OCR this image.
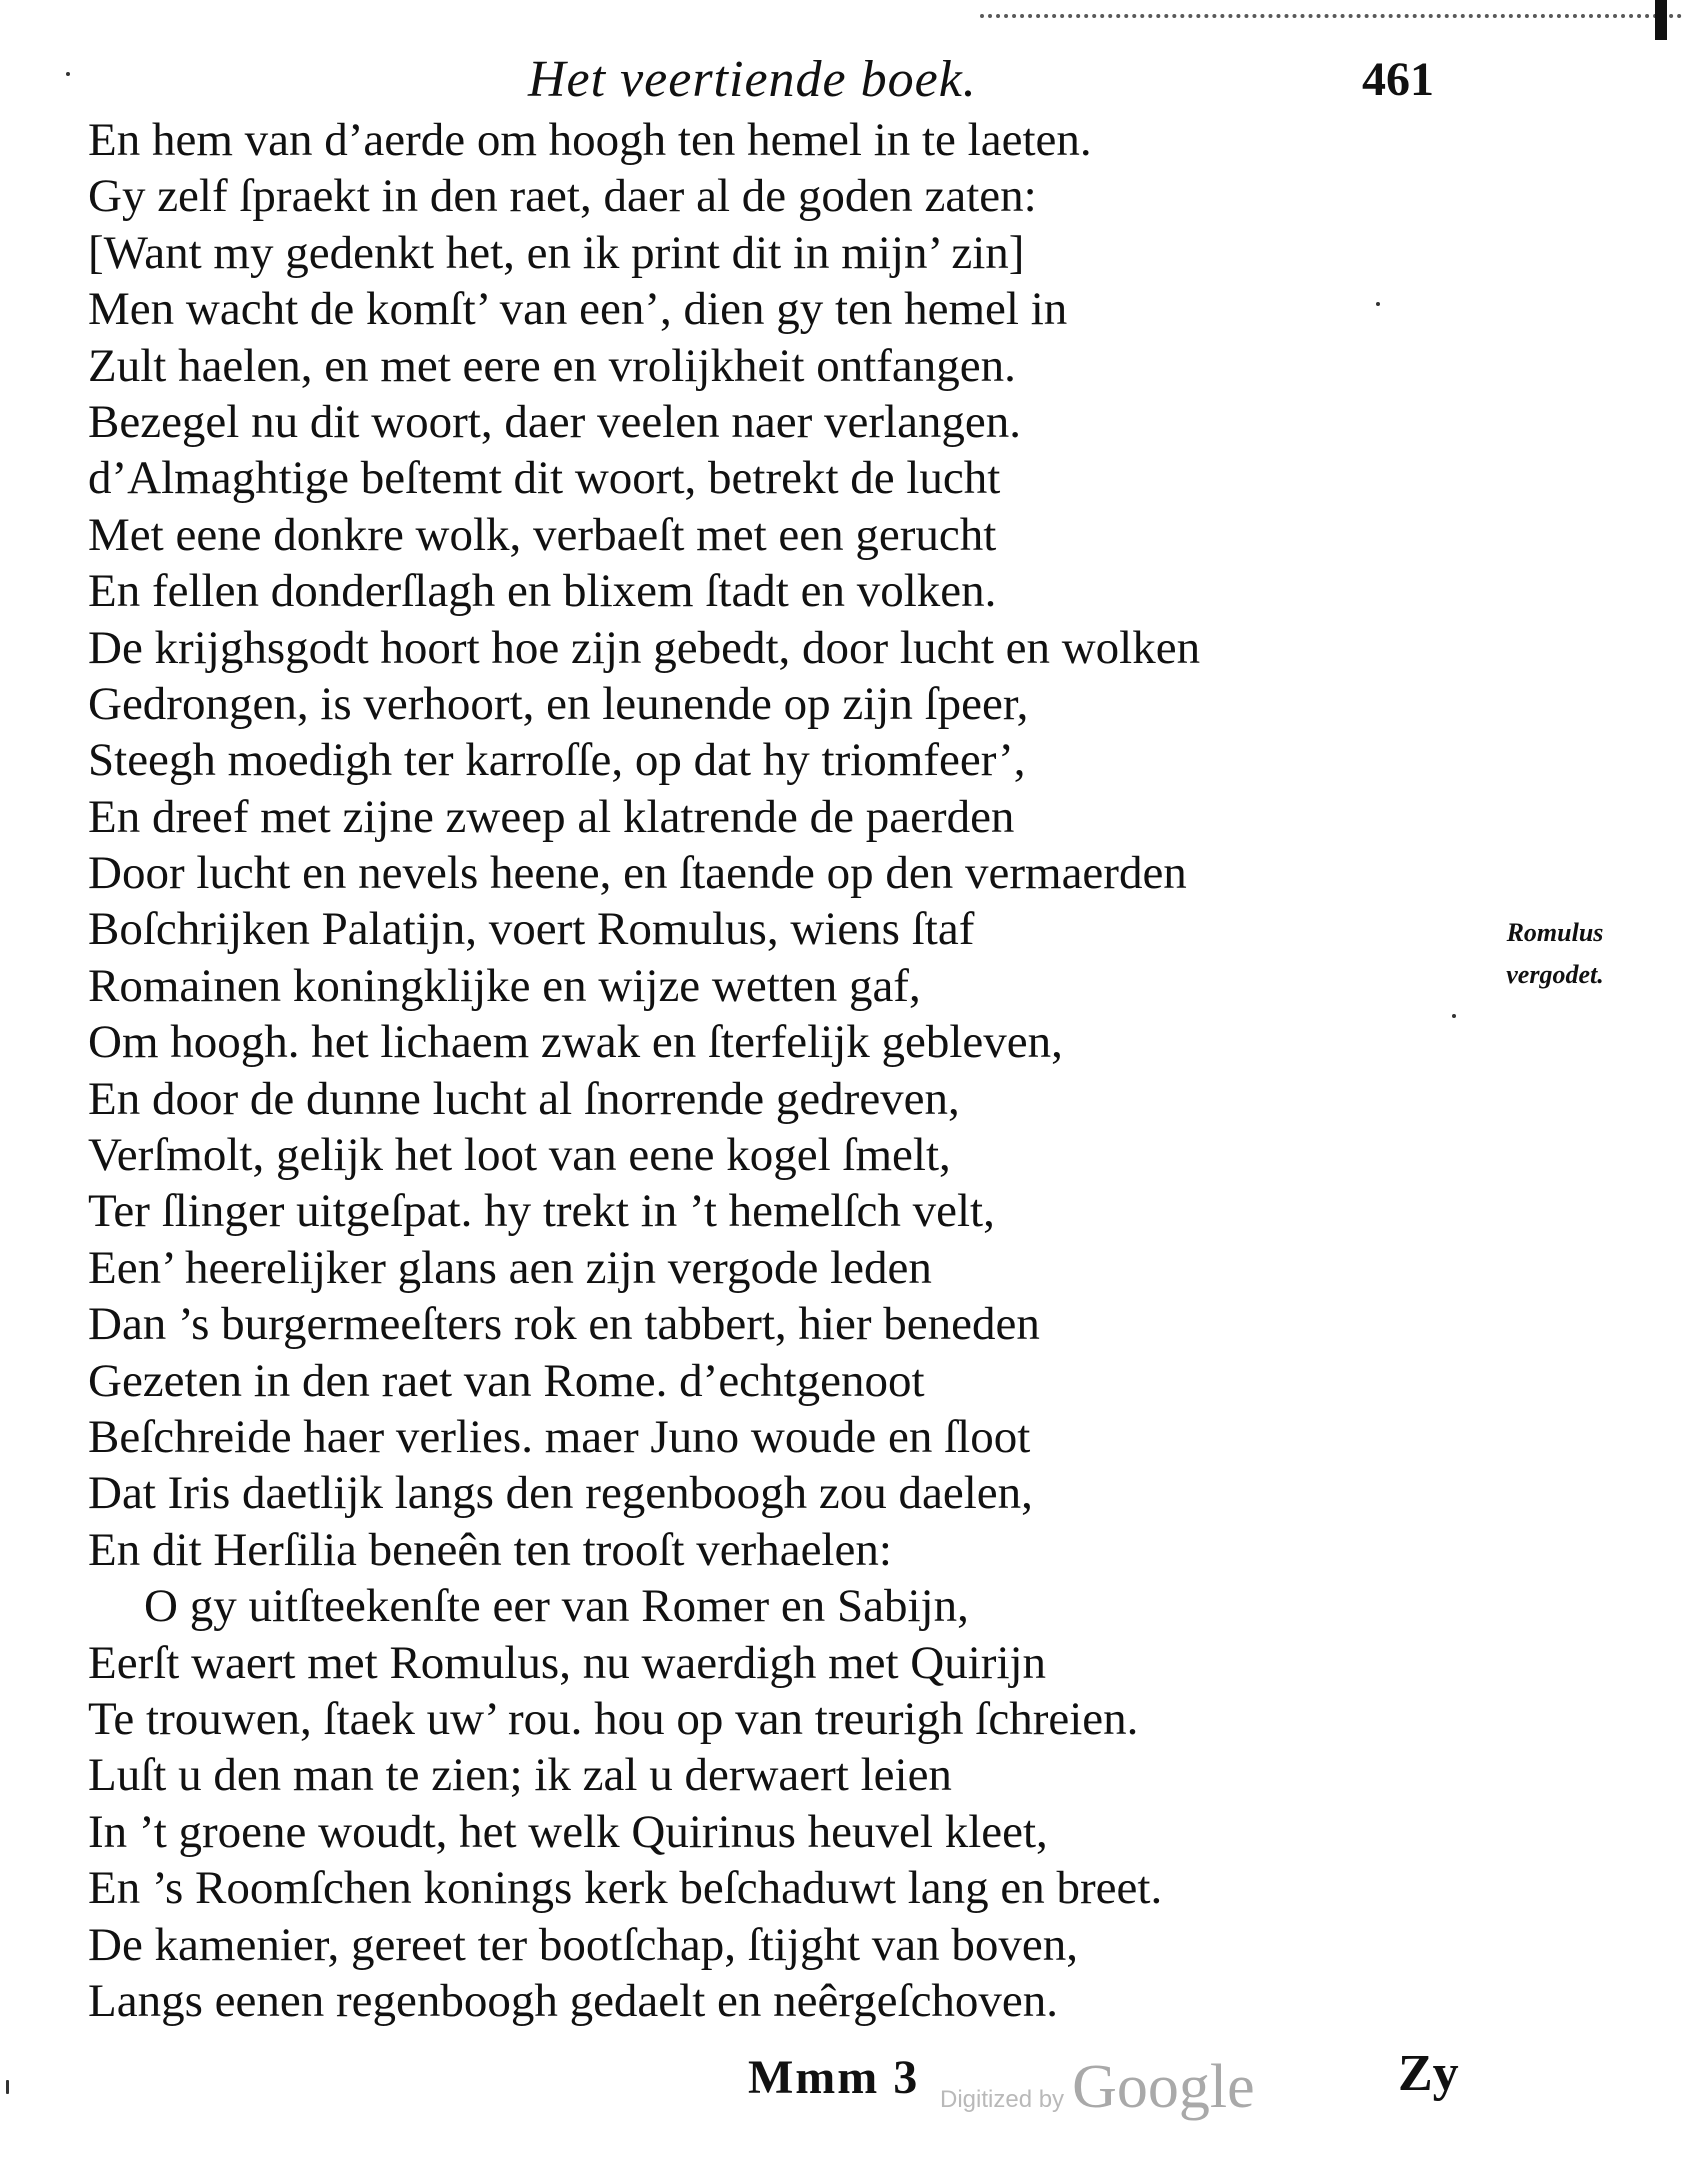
Het veertiende boek.	461
En hem van d’aerde om hoogh ten hemel in te laeten.
Gy zelf ſpraekt in den raet, daer al de goden zaten:
[Want my gedenkt het, en ik print dit in mijn’ zin]
Men wacht de komſt’ van een’, dien gy ten hemel in
Zult haelen, en met eere en vrolijkheit ontfangen.
Bezegel nu dit woort, daer veelen naer verlangen.
d’Almaghtige beſtemt dit woort, betrekt de lucht
Met eene donkre wolk, verbaeſt met een gerucht
En fellen donderſlagh en blixem ſtadt en volken.
De krijghsgodt hoort hoe zijn gebedt, door lucht en wolken
Gedrongen, is verhoort, en leunende op zijn ſpeer,
Steegh moedigh ter karroſſe, op dat hy triomfeer’,
En dreef met zijne zweep al klatrende de paerden
Door lucht en nevels heene, en ſtaende op den vermaerden
Boſchrijken Palatijn, voert Romulus, wiens ſtaf
Romainen koningklijke en wijze wetten gaf,
Om hoogh. het lichaem zwak en ſterfelijk gebleven,
En door de dunne lucht al ſnorrende gedreven,
Verſmolt, gelijk het loot van eene kogel ſmelt,
Ter ſlinger uitgeſpat. hy trekt in ’t hemelſch velt,
Een’ heerelijker glans aen zijn vergode leden
Dan ’s burgermeeſters rok en tabbert, hier beneden
Gezeten in den raet van Rome. d’echtgenoot
Beſchreide haer verlies. maer Juno woude en ſloot
Dat Iris daetlijk langs den regenboogh zou daelen,
En dit Herſilia beneên ten trooſt verhaelen:
O gy uitſteekenſte eer van Romer en Sabijn,
Eerſt waert met Romulus, nu waerdigh met Quirijn
Te trouwen, ſtaek uw’ rou. hou op van treurigh ſchreien.
Luſt u den man te zien; ik zal u derwaert leien
In ’t groene woudt, het welk Quirinus heuvel kleet,
En ’s Roomſchen konings kerk beſchaduwt lang en breet.
De kamenier, gereet ter bootſchap, ſtijght van boven,
Langs eenen regenboogh gedaelt en neêrgeſchoven.
Romulus
vergodet.
Mmm 3 Digitized by Google	Zy
